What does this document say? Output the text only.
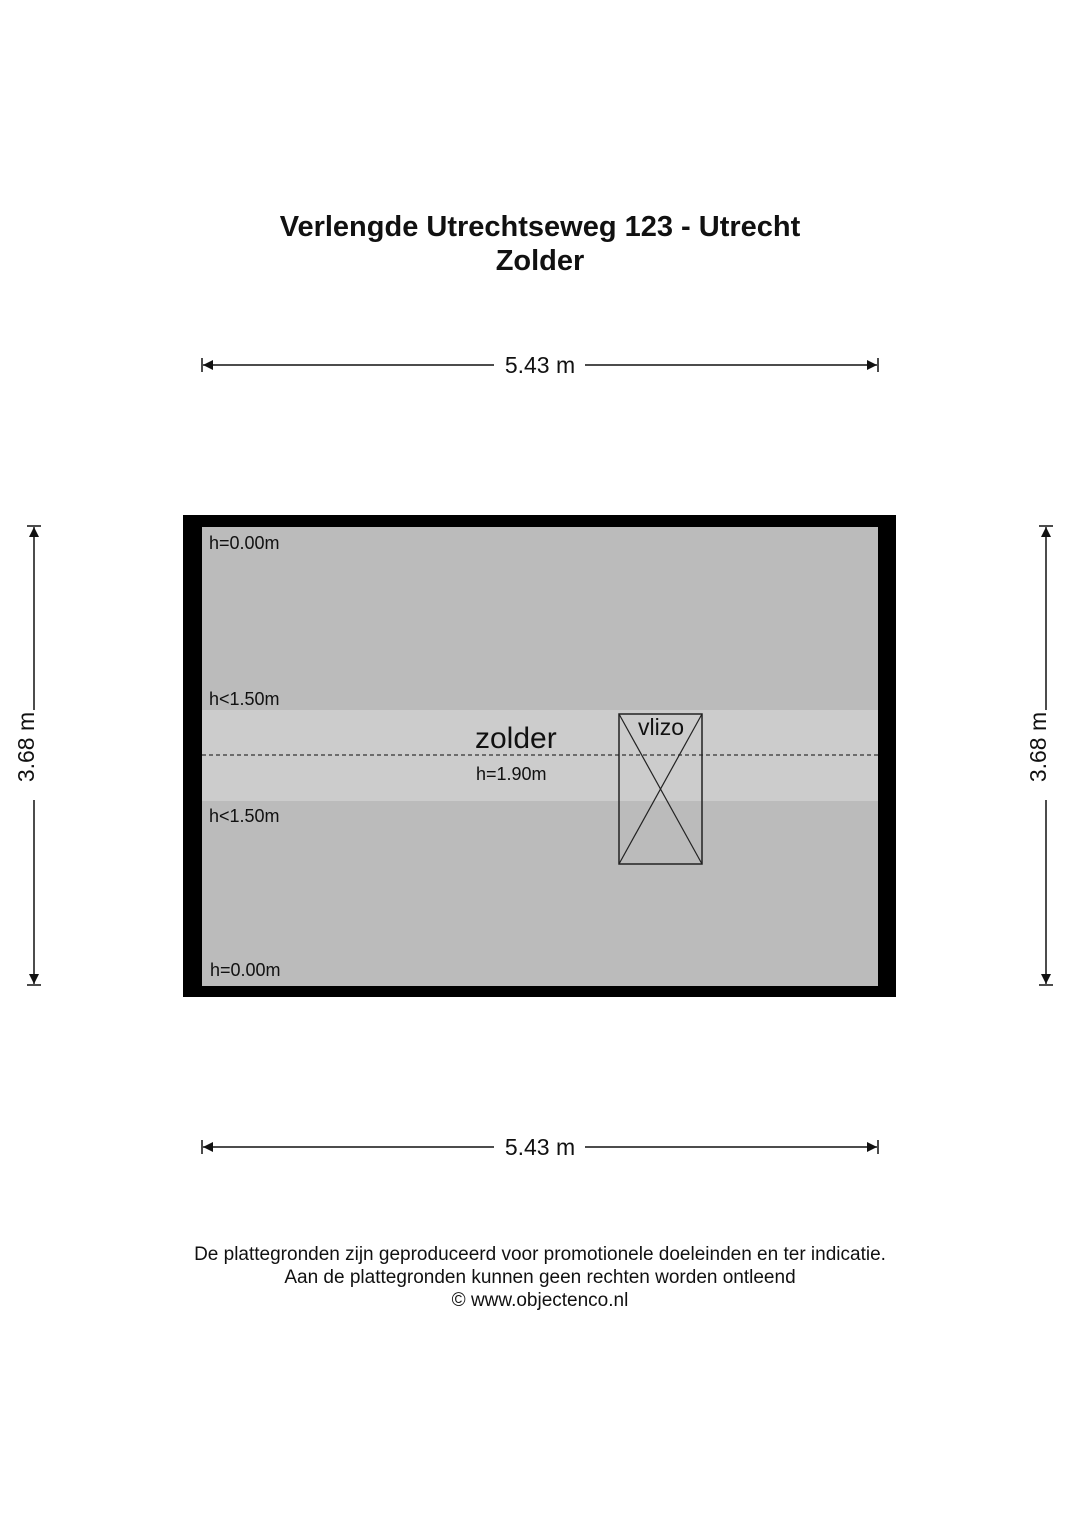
Verlengde Utrechtseweg 123 - Utrecht
Zolder
5.43 m
5.43 m
3.68 m	3.68 m
vlizo
h=0.00m
h<1.50m
h<1.50m
h=0.00m
zolder
h=1.90m

De plattegronden zijn geproduceerd voor promotionele doeleinden en ter indicatie.

Aan de plattegronden kunnen geen rechten worden ontleend

© www.objectenco.nl
